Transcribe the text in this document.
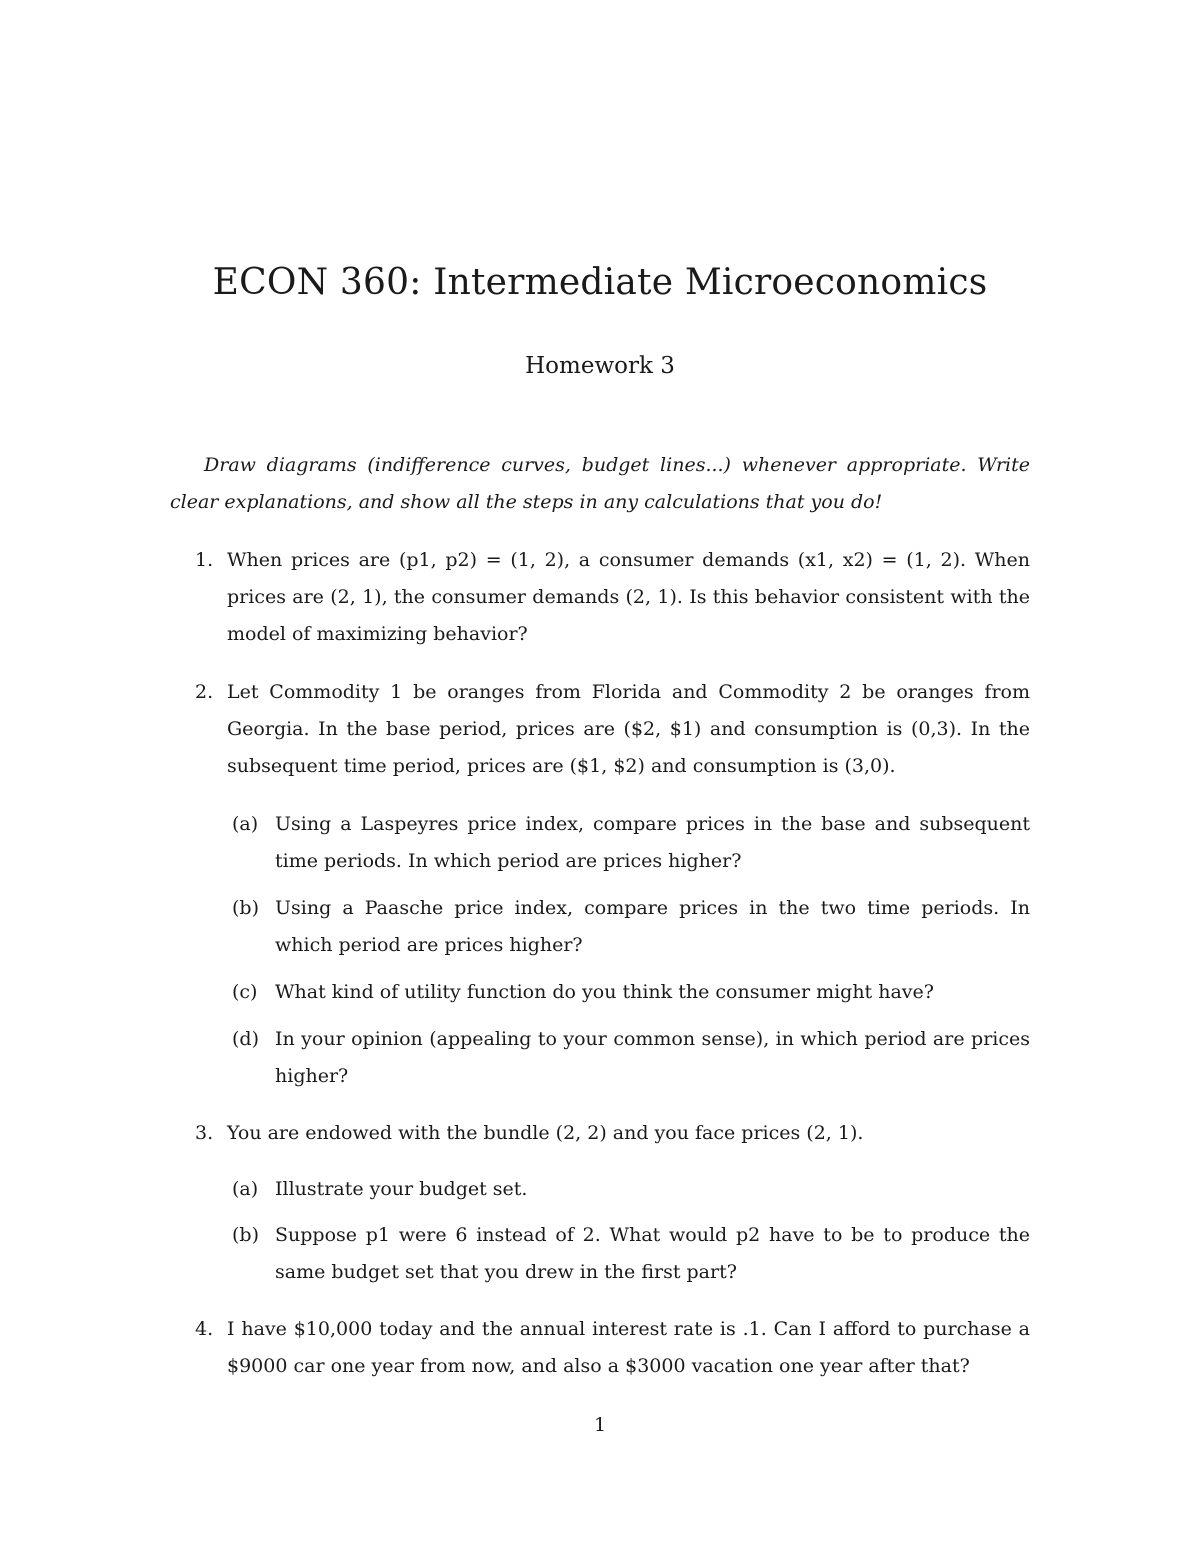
ECON 360: Intermediate Microeconomics
Homework 3
Draw diagrams (indifference curves, budget lines...) whenever appropriate. Write clear explanations, and show all the steps in any calculations that you do!
1. When prices are (p1, p2) = (1, 2), a consumer demands (x1, x2) = (1, 2). When prices are (2, 1), the consumer demands (2, 1). Is this behavior consistent with the model of maximizing behavior?
2. Let Commodity 1 be oranges from Florida and Commodity 2 be oranges from Georgia. In the base period, prices are ($2, $1) and consumption is (0,3). In the subsequent time period, prices are ($1, $2) and consumption is (3,0).
(a) Using a Laspeyres price index, compare prices in the base and subsequent time periods. In which period are prices higher?
(b) Using a Paasche price index, compare prices in the two time periods. In which period are prices higher?
(c) What kind of utility function do you think the consumer might have?
(d) In your opinion (appealing to your common sense), in which period are prices higher?
3. You are endowed with the bundle (2, 2) and you face prices (2, 1).
(a) Illustrate your budget set.
(b) Suppose p1 were 6 instead of 2. What would p2 have to be to produce the same budget set that you drew in the first part?
4. I have $10,000 today and the annual interest rate is .1. Can I afford to purchase a $9000 car one year from now, and also a $3000 vacation one year after that?
1
